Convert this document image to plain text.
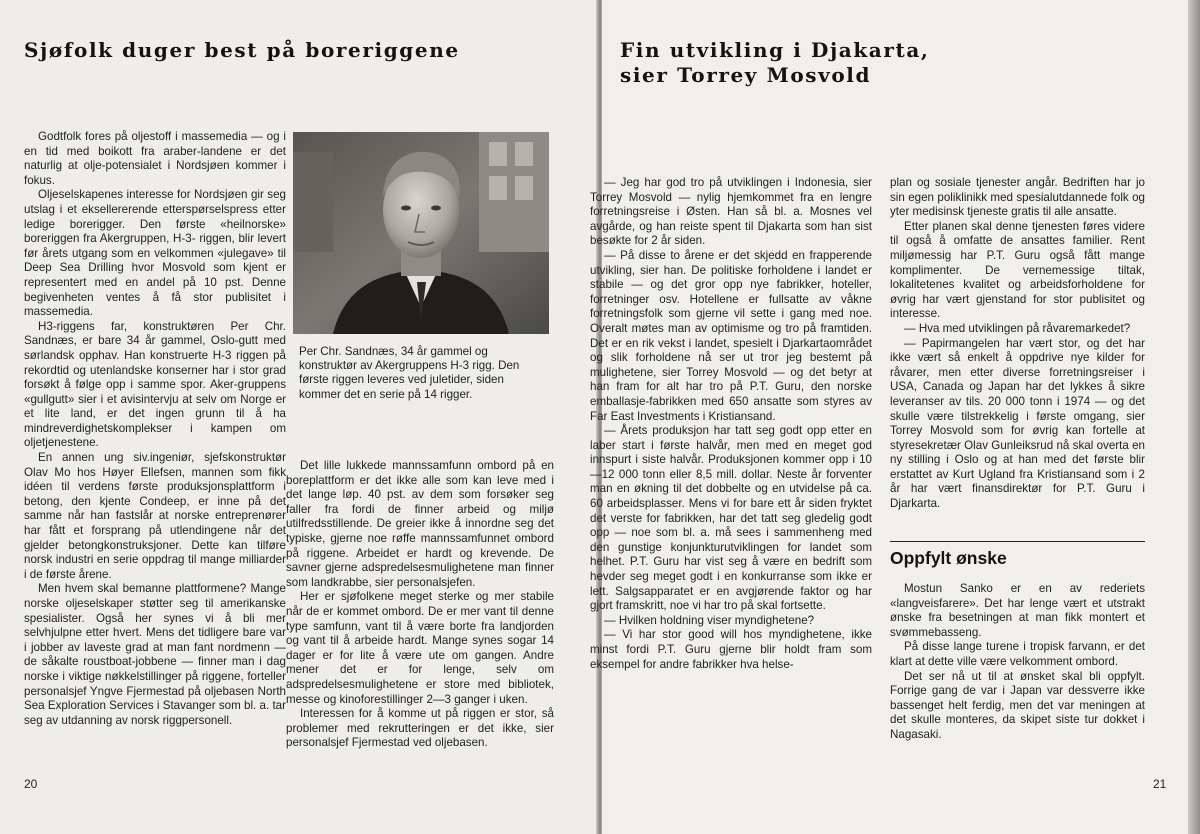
Sjøfolk duger best på boreriggene

Godtfolk fores på oljestoff i massemedia — og i en tid med boikott fra araber-landene er det naturlig at olje-potensialet i Nordsjøen kommer i fokus.

Oljeselskapenes interesse for Nordsjøen gir seg utslag i et eksellererende etterspørselspress etter ledige borerigger. Den første «heilnorske» boreriggen fra Akergruppen, H-3- riggen, blir levert før årets utgang som en velkommen «julegave» til Deep Sea Drilling hvor Mosvold som kjent er representert med en andel på 10 pst. Denne begivenheten ventes å få stor publisitet i massemedia.

H3-riggens far, konstruktøren Per Chr. Sandnæs, er bare 34 år gammel, Oslo-gutt med sørlandsk opphav. Han konstruerte H-3 riggen på rekordtid og utenlandske konserner har i stor grad forsøkt å følge opp i samme spor. Aker-gruppens «gullgutt» sier i et avisintervju at selv om Norge er et lite land, er det ingen grunn til å ha mindreverdighetskomplekser i kampen om oljetjenestene.

En annen ung siv.ingeniør, sjefskonstruktør Olav Mo hos Høyer Ellefsen, mannen som fikk idéen til verdens første produksjonsplattform i betong, den kjente Condeep, er inne på det samme når han fastslår at norske entreprenører har fått et forsprang på utlendingene når det gjelder betongkonstruksjoner. Dette kan tilføre norsk industri en serie oppdrag til mange milliarder i de første årene.

Men hvem skal bemanne plattformene? Mange norske oljeselskaper støtter seg til amerikanske spesialister. Også her synes vi å bli mer selvhjulpne etter hvert. Mens det tidligere bare var i jobber av laveste grad at man fant nordmenn — de såkalte roustboat-jobbene — finner man i dag norske i viktige nøkkelstillinger på riggene, forteller personalsjef Yngve Fjermestad på oljebasen North Sea Exploration Services i Stavanger som bl. a. tar seg av utdanning av norsk riggpersonell.

Per Chr. Sandnæs, 34 år gammel og konstruktør av Akergruppens H-3 rigg. Den første riggen leveres ved juletider, siden kommer det en serie på 14 rigger.

Det lille lukkede mannssamfunn ombord på en boreplattform er det ikke alle som kan leve med i det lange løp. 40 pst. av dem som forsøker seg faller fra fordi de finner arbeid og miljø utilfredsstillende. De greier ikke å innordne seg det typiske, gjerne noe røffe mannssamfunnet ombord på riggene. Arbeidet er hardt og krevende. De savner gjerne adspredelsesmulighetene man finner som landkrabbe, sier personalsjefen.

Her er sjøfolkene meget sterke og mer stabile når de er kommet ombord. De er mer vant til denne type samfunn, vant til å være borte fra landjorden og vant til å arbeide hardt. Mange synes sogar 14 dager er for lite å være ute om gangen. Andre mener det er for lenge, selv om adspredelsesmulighetene er store med bibliotek, messe og kinoforestillinger 2—3 ganger i uken.

Interessen for å komme ut på riggen er stor, så problemer med rekrutteringen er det ikke, sier personalsjef Fjermestad ved oljebasen.

20
Fin utvikling i Djakarta,
sier Torrey Mosvold

— Jeg har god tro på utviklingen i Indonesia, sier Torrey Mosvold — nylig hjemkommet fra en lengre forretningsreise i Østen. Han så bl. a. Mosnes vel avgårde, og han reiste spent til Djakarta som han sist besøkte for 2 år siden.

— På disse to årene er det skjedd en frapperende utvikling, sier han. De politiske forholdene i landet er stabile — og det gror opp nye fabrikker, hoteller, forretninger osv. Hotellene er fullsatte av våkne forretningsfolk som gjerne vil sette i gang med noe. Overalt møtes man av optimisme og tro på framtiden. Det er en rik vekst i landet, spesielt i Djarkartaområdet og slik forholdene nå ser ut tror jeg bestemt på mulighetene, sier Torrey Mosvold — og det betyr at han fram for alt har tro på P.T. Guru, den norske emballasje-fabrikken med 650 ansatte som styres av Far East Investments i Kristiansand.

— Årets produksjon har tatt seg godt opp etter en laber start i første halvår, men med en meget god innspurt i siste halvår. Produksjonen kommer opp i 10—12 000 tonn eller 8,5 mill. dollar. Neste år forventer man en økning til det dobbelte og en utvidelse på ca. 60 arbeidsplasser. Mens vi for bare ett år siden fryktet det verste for fabrikken, har det tatt seg gledelig godt opp — noe som bl. a. må sees i sammenheng med den gunstige konjunkturutviklingen for landet som helhet. P.T. Guru har vist seg å være en bedrift som hevder seg meget godt i en konkurranse som ikke er lett. Salgsapparatet er en avgjørende faktor og har gjort framskritt, noe vi har tro på skal fortsette.

— Hvilken holdning viser myndighetene?

— Vi har stor good will hos myndighetene, ikke minst fordi P.T. Guru gjerne blir holdt fram som eksempel for andre fabrikker hva helse-

plan og sosiale tjenester angår. Bedriften har jo sin egen poliklinikk med spesialutdannede folk og yter medisinsk tjeneste gratis til alle ansatte.

Etter planen skal denne tjenesten føres videre til også å omfatte de ansattes familier. Rent miljømessig har P.T. Guru også fått mange komplimenter. De vernemessige tiltak, lokalitetenes kvalitet og arbeidsforholdene for øvrig har vært gjenstand for stor publisitet og interesse.

— Hva med utviklingen på råvaremarkedet?

— Papirmangelen har vært stor, og det har ikke vært så enkelt å oppdrive nye kilder for råvarer, men etter diverse forretningsreiser i USA, Canada og Japan har det lykkes å sikre leveranser av tils. 20 000 tonn i 1974 — og det skulle være tilstrekkelig i første omgang, sier Torrey Mosvold som for øvrig kan fortelle at styresekretær Olav Gunleiksrud nå skal overta en ny stilling i Oslo og at han med det første blir erstattet av Kurt Ugland fra Kristiansand som i 2 år har vært finansdirektør for P.T. Guru i Djarkarta.

Oppfylt ønske

Mostun Sanko er en av rederiets «langveisfarere». Det har lenge vært et utstrakt ønske fra besetningen at man fikk montert et svømmebasseng.

På disse lange turene i tropisk farvann, er det klart at dette ville være velkomment ombord.

Det ser nå ut til at ønsket skal bli oppfylt. Forrige gang de var i Japan var dessverre ikke bassenget helt ferdig, men det var meningen at det skulle monteres, da skipet siste tur dokket i Nagasaki.

21
